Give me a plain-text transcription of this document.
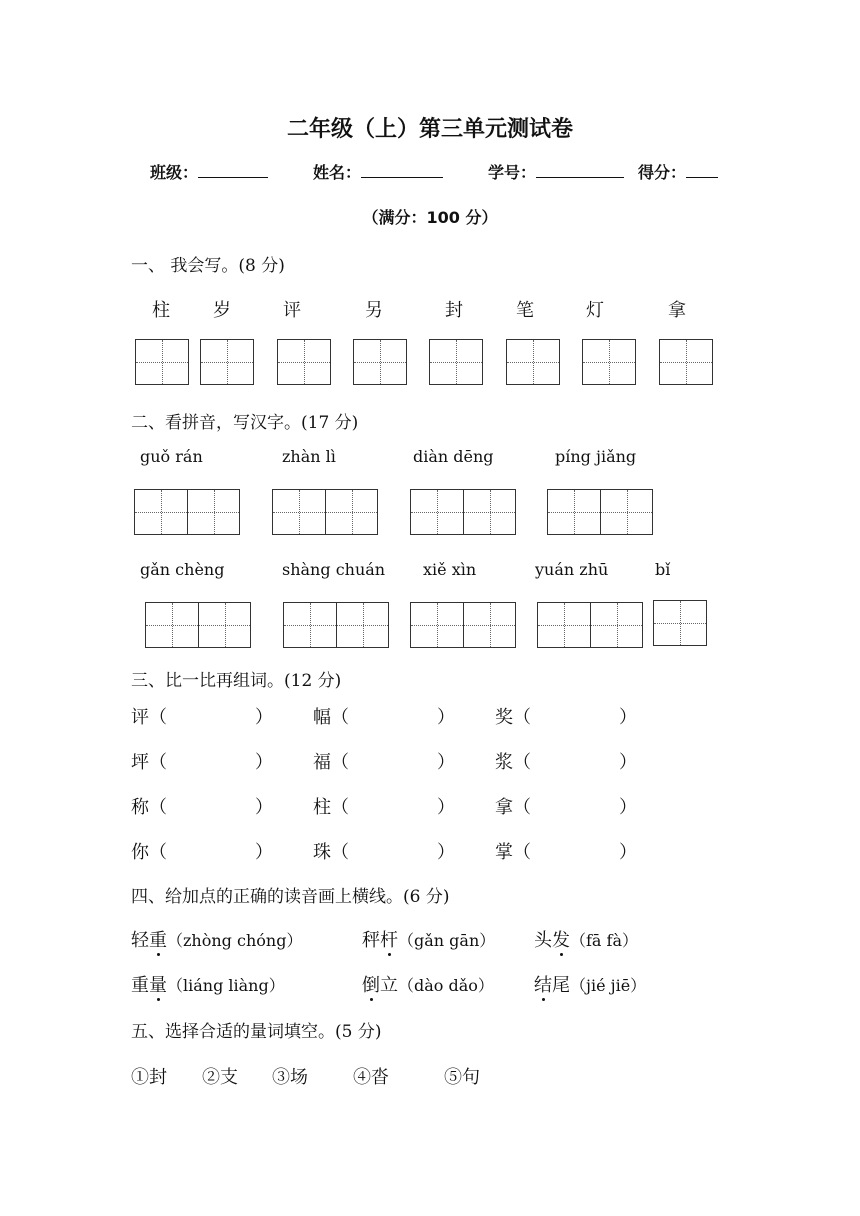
二年级（上）第三单元测试卷
班级：	姓名：	学号：	得分：
（满分：100 分）
一、 我会写。(8 分)
柱	岁	评	另	封	笔	灯	拿
二、看拼音，写汉字。(17 分)
guǒ rán	zhàn lì	diàn dēng	píng jiǎng
gǎn chèng	shàng chuán xiě xìn	yuán zhū	bǐ
三、比一比再组词。(12 分)
评（	） 幅（	） 奖（	）
坪（	） 福（	） 浆（	）
称（	） 柱（	） 拿（	）
你（	） 珠（	） 掌（	）
四、给加点的正确的读音画上横线。(6 分)
轻重（zhòng chóng）	秤杆（gǎn gān） 头发（fā fà）
重量（liáng liàng）	倒立（dào dǎo） 结尾（jié jiē）
五、选择合适的量词填空。(5 分)
①封 ②支 ③场	④沓	⑤句
